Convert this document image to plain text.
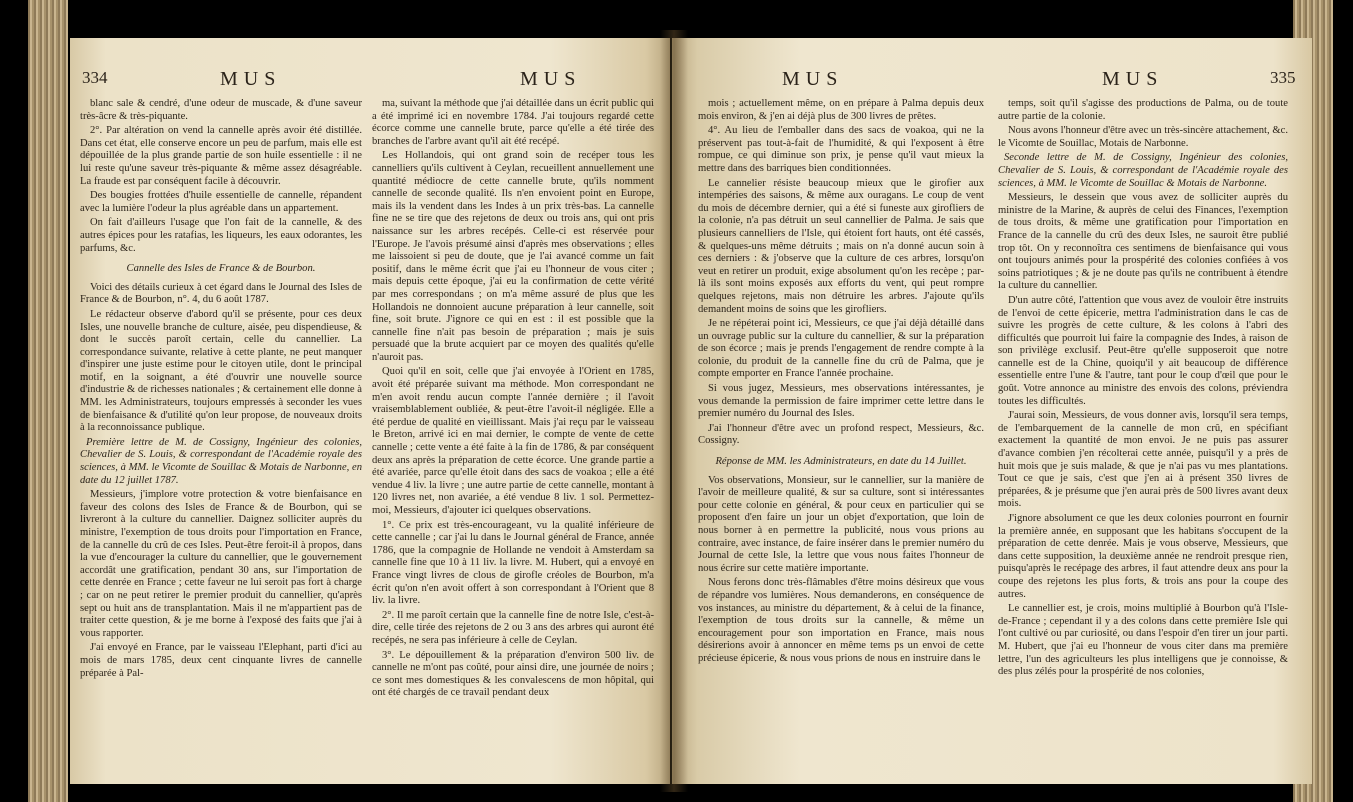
334	MUS	MUS

blanc sale & cendré, d'une odeur de muscade, & d'une saveur très-âcre & très-piquante.

2°. Par altération on vend la cannelle après avoir été distillée. Dans cet état, elle conserve encore un peu de parfum, mais elle est dépouillée de la plus grande partie de son huile essentielle : il ne lui reste qu'une saveur très-piquante & même assez désagréable. La fraude est par conséquent facile à découvrir.

Des bougies frottées d'huile essentielle de cannelle, répandent avec la lumière l'odeur la plus agréable dans un appartement.

On fait d'ailleurs l'usage que l'on fait de la cannelle, & des autres épices pour les ratafias, les liqueurs, les eaux odorantes, les parfums, &c.

Cannelle des Isles de France & de Bourbon.

Voici des détails curieux à cet égard dans le Journal des Isles de France & de Bourbon, n°. 4, du 6 août 1787.

Le rédacteur observe d'abord qu'il se présente, pour ces deux Isles, une nouvelle branche de culture, aisée, peu dispendieuse, & dont le succès paroît certain, celle du cannellier. La correspondance suivante, relative à cette plante, ne peut manquer d'inspirer une juste estime pour le citoyen utile, dont le principal motif, en la soignant, a été d'ouvrir une nouvelle source d'industrie & de richesses nationales ; & certainement elle donne à MM. les Administrateurs, toujours empressés à seconder les vues de bienfaisance & d'utilité qu'on leur propose, de nouveaux droits à la reconnoissance publique.

Première lettre de M. de Cossigny, Ingénieur des colonies, Chevalier de S. Louis, & correspondant de l'Académie royale des sciences, à MM. le Vicomte de Souillac & Motais de Narbonne, en date du 12 juillet 1787.

Messieurs, j'implore votre protection & votre bienfaisance en faveur des colons des Isles de France & de Bourbon, qui se livreront à la culture du cannellier. Daignez solliciter auprès du ministre, l'exemption de tous droits pour l'importation en France, de la cannelle du crû de ces Isles. Peut-être feroit-il à propos, dans la vue d'encourager la culture du cannellier, que le gouvernement accordât une gratification, pendant 30 ans, sur l'importation de cette denrée en France ; cette faveur ne lui seroit pas fort à charge ; car on ne peut retirer le premier produit du cannellier, qu'après sept ou huit ans de transplantation. Mais il ne m'appartient pas de traiter cette question, & je me borne à l'exposé des faits que j'ai à vous rapporter.

J'ai envoyé en France, par le vaisseau l'Elephant, parti d'ici au mois de mars 1785, deux cent cinquante livres de cannelle préparée à Pal-

ma, suivant la méthode que j'ai détaillée dans un écrit public qui a été imprimé ici en novembre 1784. J'ai toujours regardé cette écorce comme une cannelle brute, parce qu'elle a été tirée des branches de l'arbre avant qu'il ait été recépé.

Les Hollandois, qui ont grand soin de recéper tous les cannelliers qu'ils cultivent à Ceylan, recueillent annuellement une quantité médiocre de cette cannelle brute, qu'ils nomment cannelle de seconde qualité. Ils n'en envoient point en Europe, mais ils la vendent dans les Indes à un prix très-bas. La cannelle fine ne se tire que des rejetons de deux ou trois ans, qui ont pris naissance sur les arbres recépés. Celle-ci est réservée pour l'Europe. Je l'avois présumé ainsi d'après mes observations ; elles me laissoient si peu de doute, que je l'ai avancé comme un fait positif, dans le même écrit que j'ai eu l'honneur de vous citer ; mais depuis cette époque, j'ai eu la confirmation de cette vérité par mes correspondans ; on m'a même assuré de plus que les Hollandois ne donnoient aucune préparation à leur cannelle, soit fine, soit brute. J'ignore ce qui en est : il est possible que la cannelle fine n'ait pas besoin de préparation ; mais je suis persuadé que la brute acquiert par ce moyen des qualités qu'elle n'auroit pas.

Quoi qu'il en soit, celle que j'ai envoyée à l'Orient en 1785, avoit été préparée suivant ma méthode. Mon correspondant ne m'en avoit rendu aucun compte l'année dernière ; il l'avoit vraisemblablement oubliée, & peut-être l'avoit-il négligée. Elle a été perdue de qualité en vieillissant. Mais j'ai reçu par le vaisseau le Breton, arrivé ici en mai dernier, le compte de vente de cette cannelle ; cette vente a été faite à la fin de 1786, & par conséquent deux ans après la préparation de cette écorce. Une grande partie a été avariée, parce qu'elle étoit dans des sacs de voakoa ; elle a été vendue 4 liv. la livre ; une autre partie de cette cannelle, montant à 120 livres net, non avariée, a été vendue 8 liv. 1 sol. Permettez-moi, Messieurs, d'ajouter ici quelques observations.

1°. Ce prix est très-encourageant, vu la qualité inférieure de cette cannelle ; car j'ai lu dans le Journal général de France, année 1786, que la compagnie de Hollande ne vendoit à Amsterdam sa cannelle fine que 10 à 11 liv. la livre. M. Hubert, qui a envoyé en France vingt livres de clous de girofle créoles de Bourbon, m'a écrit qu'on n'en avoit offert à son correspondant à l'Orient que 8 liv. la livre.

2°. Il me paroît certain que la cannelle fine de notre Isle, c'est-à-dire, celle tirée des rejetons de 2 ou 3 ans des arbres qui auront été recépés, ne sera pas inférieure à celle de Ceylan.

3°. Le dépouillement & la préparation d'environ 500 liv. de cannelle ne m'ont pas coûté, pour ainsi dire, une journée de noirs ; ce sont mes domestiques & les convalescens de mon hôpital, qui ont été chargés de ce travail pendant deux

MUS	MUS	335

mois ; actuellement même, on en prépare à Palma depuis deux mois environ, & j'en ai déjà plus de 300 livres de prêtes.

4°. Au lieu de l'emballer dans des sacs de voakoa, qui ne la préservent pas tout-à-fait de l'humidité, & qui l'exposent à être rompue, ce qui diminue son prix, je pense qu'il vaut mieux la mettre dans des barriques bien conditionnées.

Le cannelier résiste beaucoup mieux que le girofier aux intempéries des saisons, & même aux ouragans. Le coup de vent du mois de décembre dernier, qui a été si funeste aux girofliers de la colonie, n'a pas détruit un seul cannellier de Palma. Je sais que plusieurs cannelliers de l'Isle, qui étoient fort hauts, ont été cassés, & quelques-uns même détruits ; mais on n'a donné aucun soin à ces derniers : & j'observe que la culture de ces arbres, lorsqu'on veut en retirer un produit, exige absolument qu'on les recèpe ; par-là ils sont moins exposés aux efforts du vent, qui peut rompre quelques rejetons, mais non détruire les arbres. J'ajoute qu'ils demandent moins de soins que les girofliers.

Je ne répéterai point ici, Messieurs, ce que j'ai déjà détaillé dans un ouvrage public sur la culture du cannellier, & sur la préparation de son écorce ; mais je prends l'engagement de rendre compte à la colonie, du produit de la cannelle fine du crû de Palma, que je compte emporter en France l'année prochaine.

Si vous jugez, Messieurs, mes observations intéressantes, je vous demande la permission de faire imprimer cette lettre dans le premier numéro du Journal des Isles.

J'ai l'honneur d'être avec un profond respect, Messieurs, &c. Cossigny.

Réponse de MM. les Administrateurs, en date du 14 Juillet.

Vos observations, Monsieur, sur le cannellier, sur la manière de l'avoir de meilleure qualité, & sur sa culture, sont si intéressantes pour cette colonie en général, & pour ceux en particulier qui se proposent d'en faire un jour un objet d'exportation, que loin de nous borner à en permettre la publicité, nous vous prions au contraire, avec instance, de faire insérer dans le premier numéro du Journal de cette Isle, la lettre que vous nous faites l'honneur de nous écrire sur cette matière importante.

Nous ferons donc très-flâmables d'être moins désireux que vous de répandre vos lumières. Nous demanderons, en conséquence de vos instances, au ministre du département, & à celui de la finance, l'exemption de tous droits sur la cannelle, & même un encouragement pour son importation en France, mais nous désirerions avoir à annoncer en même tems ps un envoi de cette précieuse épicerie, & nous vous prions de nous en instruire dans le

temps, soit qu'il s'agisse des productions de Palma, ou de toute autre partie de la colonie.

Nous avons l'honneur d'être avec un très-sincère attachement, &c. le Vicomte de Souillac, Motais de Narbonne.

Seconde lettre de M. de Cossigny, Ingénieur des colonies, Chevalier de S. Louis, & correspondant de l'Académie royale des sciences, à MM. le Vicomte de Souillac & Motais de Narbonne.

Messieurs, le dessein que vous avez de solliciter auprès du ministre de la Marine, & auprès de celui des Finances, l'exemption de tous droits, & même une gratification pour l'importation en France de la cannelle du crû des deux Isles, ne sauroit être publié trop tôt. On y reconnoîtra ces sentimens de bienfaisance qui vous ont toujours animés pour la prospérité des colonies confiées à vos soins patriotiques ; & je ne doute pas qu'ils ne contribuent à étendre la culture du cannellier.

D'un autre côté, l'attention que vous avez de vouloir être instruits de l'envoi de cette épicerie, mettra l'administration dans le cas de suivre les progrès de cette culture, & les colons à l'abri des difficultés que pourroit lui faire la compagnie des Indes, à raison de son privilège exclusif. Peut-être qu'elle supposeroit que notre cannelle est de la Chine, quoiqu'il y ait beaucoup de différence essentielle entre l'une & l'autre, tant pour le coup d'œil que pour le goût. Votre annonce au ministre des envois des colons, préviendra toutes les difficultés.

J'aurai soin, Messieurs, de vous donner avis, lorsqu'il sera temps, de l'embarquement de la cannelle de mon crû, en spécifiant exactement la quantité de mon envoi. Je ne puis pas assurer d'avance combien j'en récolterai cette année, puisqu'il y a près de huit mois que je suis malade, & que je n'ai pas vu mes plantations. Tout ce que je sais, c'est que j'en ai à présent 350 livres de préparées, & je présume que j'en aurai près de 500 livres avant deux mois.

J'ignore absolument ce que les deux colonies pourront en fournir la première année, en supposant que les habitans s'occupent de la préparation de cette denrée. Mais je vous observe, Messieurs, que dans cette supposition, la deuxième année ne rendroit presque rien, puisqu'après le recépage des arbres, il faut attendre deux ans pour la coupe des rejetons les plus forts, & trois ans pour la coupe des autres.

Le cannellier est, je crois, moins multiplié à Bourbon qu'à l'Isle-de-France ; cependant il y a des colons dans cette première Isle qui l'ont cultivé ou par curiosité, ou dans l'espoir d'en tirer un jour parti. M. Hubert, que j'ai eu l'honneur de vous citer dans ma première lettre, l'un des agriculteurs les plus intelligens que je connoisse, & des plus zélés pour la prospérité de nos colonies,
